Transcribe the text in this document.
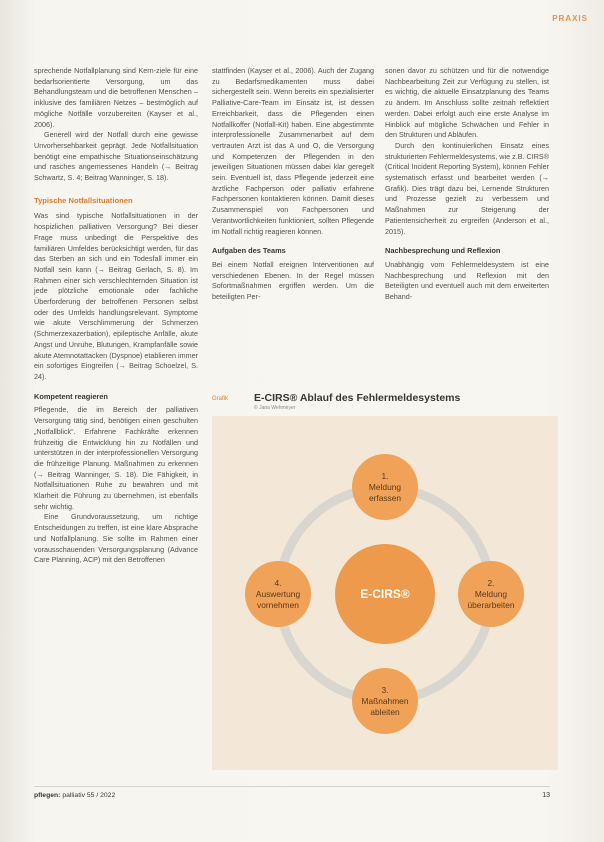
PRAXIS

sprechende Notfallplanung sind Kern-ziele für eine bedarfsorientierte Versorgung, um das Behandlungsteam und die betroffenen Menschen – inklusive des familiären Netzes – bestmöglich auf mögliche Notfälle vorzubereiten (Kayser et al., 2006).

Generell wird der Notfall durch eine gewisse Unvorhersehbarkeit geprägt. Jede Notfallsituation benötigt eine empathische Situationseinschätzung und rasches angemessenes Handeln (→ Beitrag Schwartz, S. 4; Beitrag Wanninger, S. 18).

Typische Notfallsituationen

Was sind typische Notfallsituationen in der hospizlichen palliativen Versorgung? Bei dieser Frage muss unbedingt die Perspektive des familiären Umfeldes berücksichtigt werden, für das das Sterben an sich und ein Todesfall immer ein Notfall sein kann (→ Beitrag Gerlach, S. 8). Im Rahmen einer sich verschlechternden Situation ist jede plötzliche emotionale oder fachliche Überforderung der betroffenen Personen selbst oder des Umfelds handlungsrelevant. Symptome wie akute Verschlimmerung der Schmerzen (Schmerzexazerbation), epileptische Anfälle, akute Angst und Unruhe, Blutungen, Krampfanfälle sowie akute Atemnotattacken (Dyspnoe) etablieren immer ein sofortiges Eingreifen (→ Beitrag Schoelzel, S. 24).

Kompetent reagieren

Pflegende, die im Bereich der palliativen Versorgung tätig sind, benötigen einen geschulten „Notfallblick“. Erfahrene Fachkräfte erkennen frühzeitig die Entwicklung hin zu Notfällen und unterstützen in der interprofessionellen Versorgung die frühzeitige Planung. Maßnahmen zu erkennen (→ Beitrag Wanninger, S. 18). Die Fähigkeit, in Notfallsituationen Ruhe zu bewahren und mit Klarheit die Führung zu übernehmen, ist ebenfalls sehr wichtig.

Eine Grundvoraussetzung, um richtige Entscheidungen zu treffen, ist eine klare Absprache und Notfallplanung. Sie sollte im Rahmen einer vorausschauenden Versorgungsplanung (Advance Care Planning, ACP) mit den Betroffenen

stattfinden (Kayser et al., 2006). Auch der Zugang zu Bedarfsmedikamenten muss dabei sichergestellt sein. Wenn bereits ein spezialisierter Palliative-Care-Team im Einsatz ist, ist dessen Erreichbarkeit, dass die Pflegenden einen Notfallkoffer (Notfall-Kit) haben. Eine abgestimmte interprofessionelle Zusammenarbeit auf dem vertrauten Arzt ist das A und O, die Versorgung und Kompetenzen der Pflegenden in den jeweiligen Situationen müssen dabei klar geregelt sein. Eventuell ist, dass Pflegende jederzeit eine ärztliche Fachperson oder palliativ erfahrene Fachpersonen kontaktieren können. Damit dieses Zusammenspiel von Fachpersonen und Verantwortlichkeiten funktioniert, sollten Pflegende im Notfall richtig reagieren können.

Aufgaben des Teams

Bei einem Notfall ereignen Interventionen auf verschiedenen Ebenen. In der Regel müssen Sofortmaßnahmen ergriffen werden. Um die beteiligten Per-

sonen davor zu schützen und für die notwendige Nachbearbeitung Zeit zur Verfügung zu stellen, ist es wichtig, die aktuelle Einsatzplanung des Teams zu ändern. Im Anschluss sollte zeitnah reflektiert werden. Dabei erfolgt auch eine erste Analyse im Hinblick auf mögliche Schwächen und Fehler in den Strukturen und Abläufen.

Durch den kontinuierlichen Einsatz eines strukturierten Fehlermeldesystems, wie z.B. CIRS® (Critical Incident Reporting System), können Fehler systematisch erfasst und bearbeitet werden (→ Grafik). Dies trägt dazu bei, Lernende Strukturen und Prozesse gezielt zu verbessern und Maßnahmen zur Steigerung der Patientensicherheit zu ergreifen (Anderson et al., 2015).

Nachbesprechung und Reflexion

Unabhängig vom Fehlermeldesystem ist eine Nachbesprechung und Reflexion mit den Beteiligten und eventuell auch mit dem erweiterten Behand-

Grafik E-CIRS® Ablauf des Fehlermeldesystems
© Jana Wehmeyer
E-CIRS®
1.
Meldung
erfassen
2.
Meldung
überarbeiten
3.
Maßnahmen
ableiten
4.
Auswertung
vornehmen
pflegen: palliativ 55 / 2022	13
